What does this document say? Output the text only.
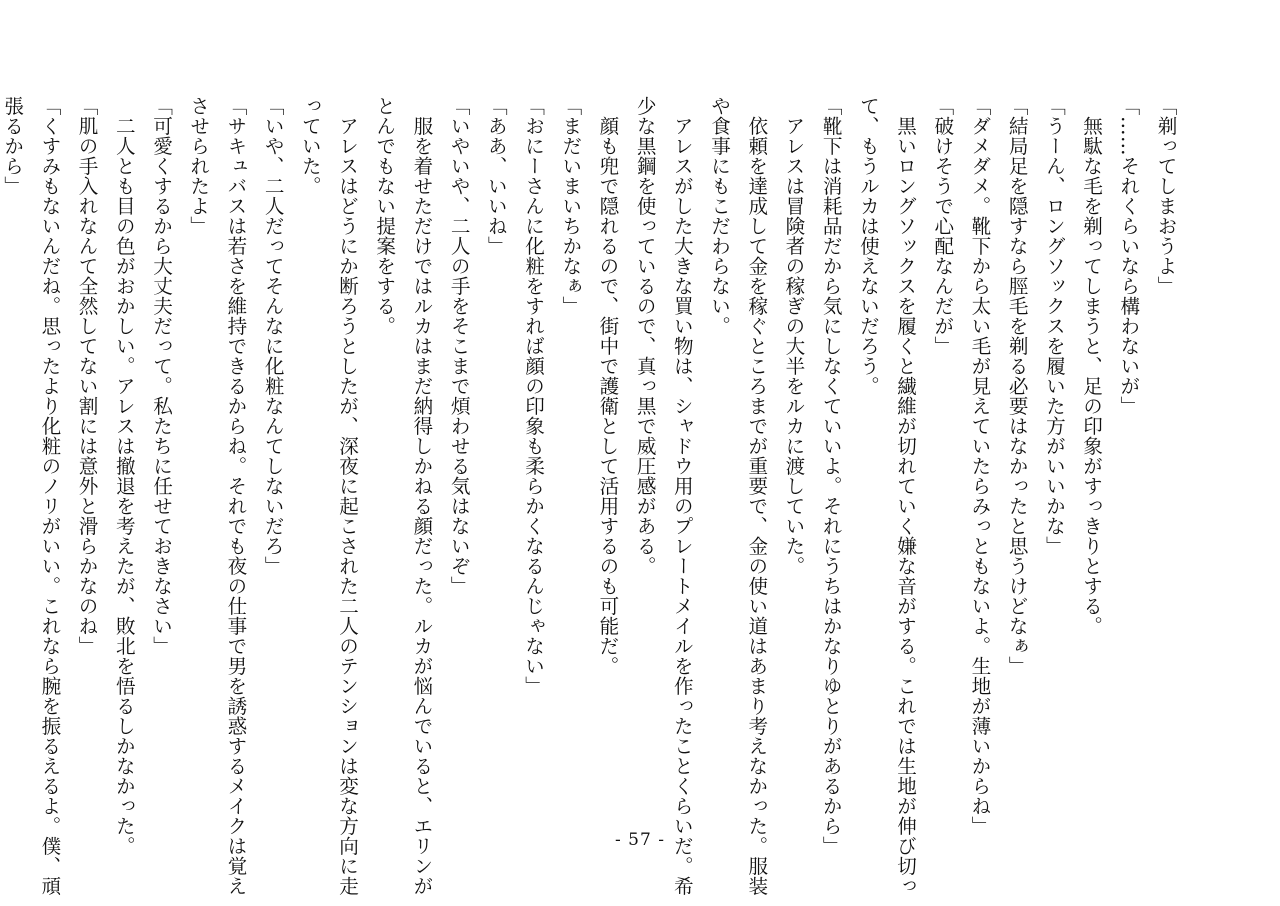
「剃ってしまおうよ」
「……それくらいなら構わないが」
　無駄な毛を剃ってしまうと、足の印象がすっきりとする。
「うーん、ロングソックスを履いた方がいいかな」
「結局足を隠すなら脛毛を剃る必要はなかったと思うけどなぁ」
「ダメダメ。靴下から太い毛が見えていたらみっともないよ。生地が薄いからね」
「破けそうで心配なんだが」
　黒いロングソックスを履くと繊維が切れていく嫌な音がする。これでは生地が伸び切っ
て、もうルカは使えないだろう。
「靴下は消耗品だから気にしなくていいよ。それにうちはかなりゆとりがあるから」
　アレスは冒険者の稼ぎの大半をルカに渡していた。
　依頼を達成して金を稼ぐところまでが重要で、金の使い道はあまり考えなかった。服装
や食事にもこだわらない。
　アレスがした大きな買い物は、シャドウ用のプレートメイルを作ったことくらいだ。希
少な黒鋼を使っているので、真っ黒で威圧感がある。
　顔も兜で隠れるので、街中で護衛として活用するのも可能だ。
「まだいまいちかなぁ」
「おにーさんに化粧をすれば顔の印象も柔らかくなるんじゃない」
「ああ、いいね」
「いやいや、二人の手をそこまで煩わせる気はないぞ」
　服を着せただけではルカはまだ納得しかねる顔だった。ルカが悩んでいると、エリンが
とんでもない提案をする。
　アレスはどうにか断ろうとしたが、深夜に起こされた二人のテンションは変な方向に走
っていた。
「いや、二人だってそんなに化粧なんてしないだろ」
「サキュバスは若さを維持できるからね。それでも夜の仕事で男を誘惑するメイクは覚え
させられたよ」
「可愛くするから大丈夫だって。私たちに任せておきなさい」
　二人とも目の色がおかしい。アレスは撤退を考えたが、敗北を悟るしかなかった。
「肌の手入れなんて全然してない割には意外と滑らかなのね」
「くすみもないんだね。思ったより化粧のノリがいい。これなら腕を振るえるよ。僕、頑
張るから」
- 57 -
